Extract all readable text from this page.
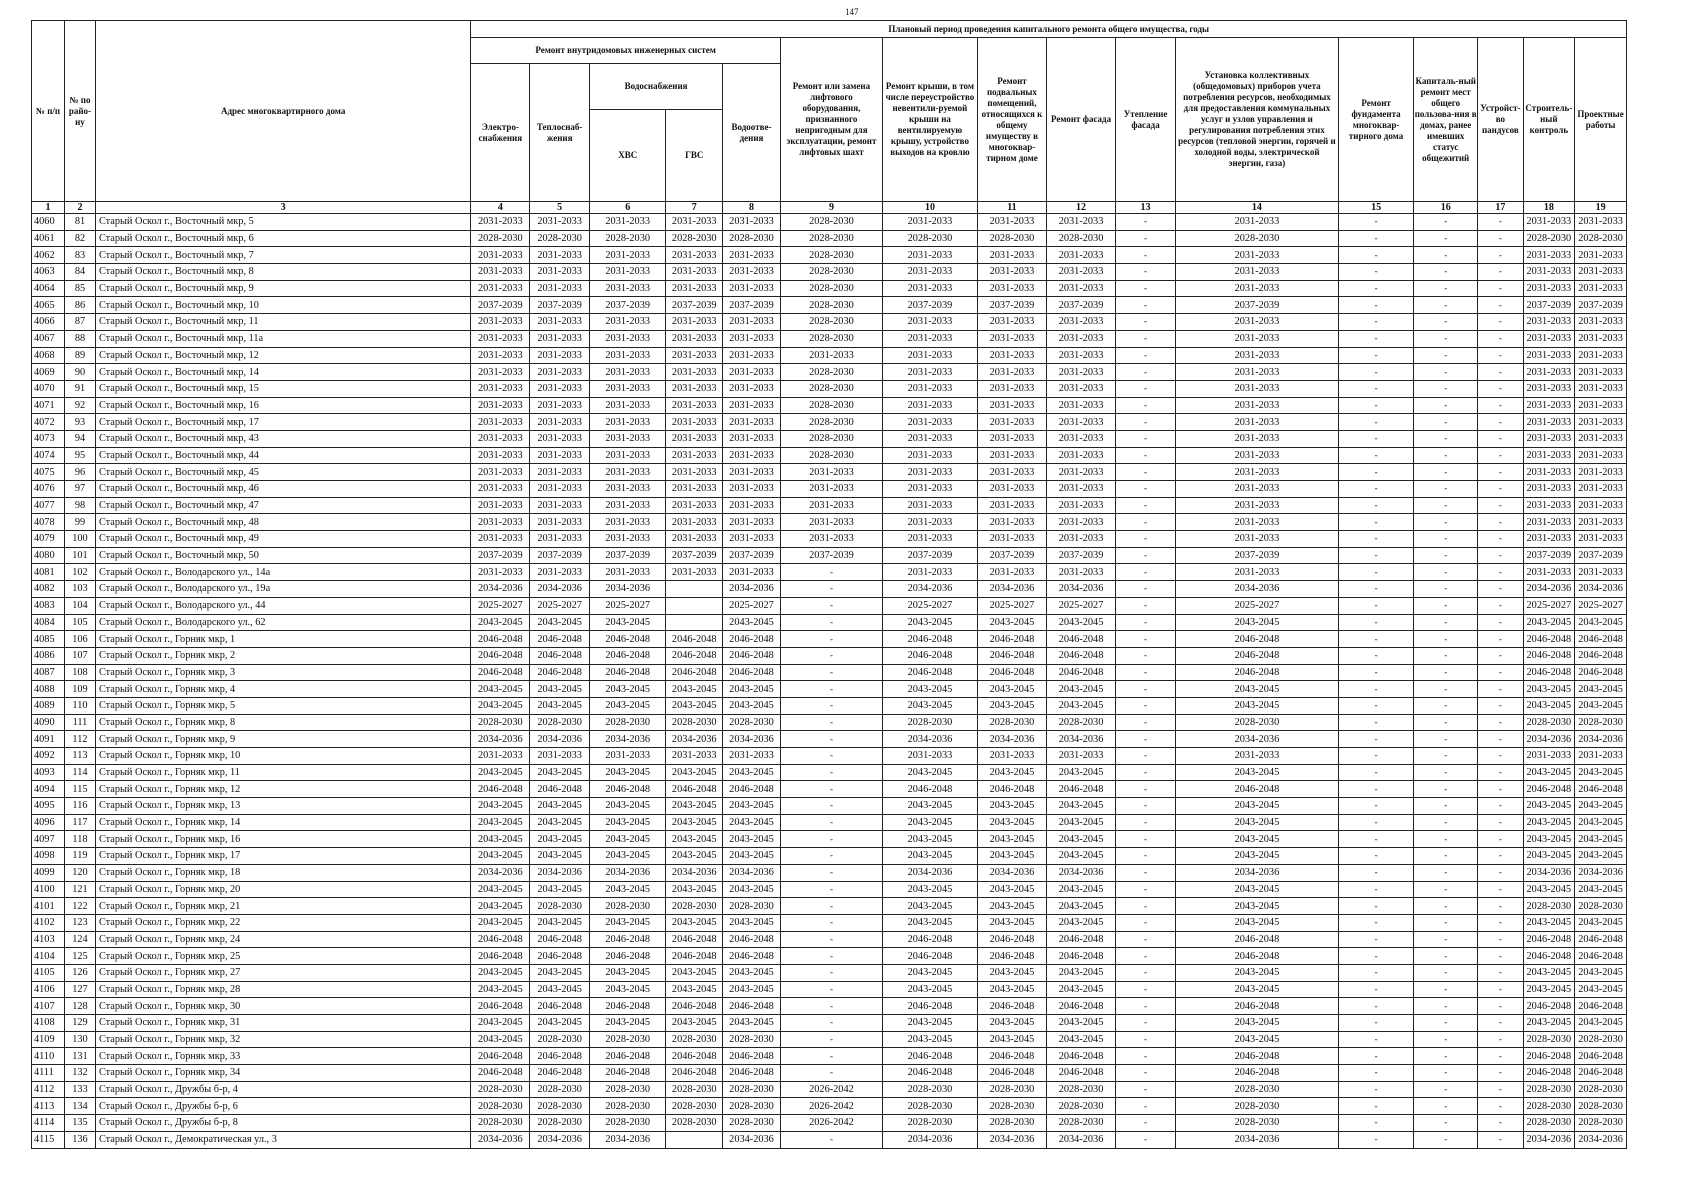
147
№ п/п	№ по райо-ну	Адрес многоквартирного дома	Плановый период проведения капитального ремонта общего имущества, годы															
			Ремонт внутридомовых инженерных систем					Ремонт или замена лифтового оборудования, признанного непригодным для эксплуатации, ремонт лифтовых шахт	Ремонт крыши, в том числе переустройство невентили-руемой крыши на вентилируемую крышу, устройство выходов на кровлю	Ремонт подвальных помещений, относящихся к общему имуществу в многоквар-тирном доме	Ремонт фасада	Утепление фасада	Установка коллективных (общедомовых) приборов учета потребления ресурсов, необходимых для предоставления коммунальных услуг и узлов управления и регулирования потребления этих ресурсов (тепловой энергии, горячей и холодной воды, электрической энергии, газа)	Ремонт фундамента многоквар-тирного дома	Капиталь-ный ремонт мест общего пользова-ния в домах, ранее имевших статус общежитий	Устройст-во пандусов	Строитель-ный контроль	Проектные работы
			Электро-снабжения	Теплоснаб-жения	Водоснабжения		Водоотве-дения											
					ХВС	ГВС												
1	2	3	4	5	6	7	8	9	10	11	12	13	14	15	16	17	18	19
4060	81	Старый Оскол г., Восточный мкр, 5	2031-2033	2031-2033	2031-2033	2031-2033	2031-2033	2028-2030	2031-2033	2031-2033	2031-2033	-	2031-2033	-	-	-	2031-2033	2031-2033
4061	82	Старый Оскол г., Восточный мкр, 6	2028-2030	2028-2030	2028-2030	2028-2030	2028-2030	2028-2030	2028-2030	2028-2030	2028-2030	-	2028-2030	-	-	-	2028-2030	2028-2030
4062	83	Старый Оскол г., Восточный мкр, 7	2031-2033	2031-2033	2031-2033	2031-2033	2031-2033	2028-2030	2031-2033	2031-2033	2031-2033	-	2031-2033	-	-	-	2031-2033	2031-2033
4063	84	Старый Оскол г., Восточный мкр, 8	2031-2033	2031-2033	2031-2033	2031-2033	2031-2033	2028-2030	2031-2033	2031-2033	2031-2033	-	2031-2033	-	-	-	2031-2033	2031-2033
4064	85	Старый Оскол г., Восточный мкр, 9	2031-2033	2031-2033	2031-2033	2031-2033	2031-2033	2028-2030	2031-2033	2031-2033	2031-2033	-	2031-2033	-	-	-	2031-2033	2031-2033
4065	86	Старый Оскол г., Восточный мкр, 10	2037-2039	2037-2039	2037-2039	2037-2039	2037-2039	2028-2030	2037-2039	2037-2039	2037-2039	-	2037-2039	-	-	-	2037-2039	2037-2039
4066	87	Старый Оскол г., Восточный мкр, 11	2031-2033	2031-2033	2031-2033	2031-2033	2031-2033	2028-2030	2031-2033	2031-2033	2031-2033	-	2031-2033	-	-	-	2031-2033	2031-2033
4067	88	Старый Оскол г., Восточный мкр, 11а	2031-2033	2031-2033	2031-2033	2031-2033	2031-2033	2028-2030	2031-2033	2031-2033	2031-2033	-	2031-2033	-	-	-	2031-2033	2031-2033
4068	89	Старый Оскол г., Восточный мкр, 12	2031-2033	2031-2033	2031-2033	2031-2033	2031-2033	2031-2033	2031-2033	2031-2033	2031-2033	-	2031-2033	-	-	-	2031-2033	2031-2033
4069	90	Старый Оскол г., Восточный мкр, 14	2031-2033	2031-2033	2031-2033	2031-2033	2031-2033	2028-2030	2031-2033	2031-2033	2031-2033	-	2031-2033	-	-	-	2031-2033	2031-2033
4070	91	Старый Оскол г., Восточный мкр, 15	2031-2033	2031-2033	2031-2033	2031-2033	2031-2033	2028-2030	2031-2033	2031-2033	2031-2033	-	2031-2033	-	-	-	2031-2033	2031-2033
4071	92	Старый Оскол г., Восточный мкр, 16	2031-2033	2031-2033	2031-2033	2031-2033	2031-2033	2028-2030	2031-2033	2031-2033	2031-2033	-	2031-2033	-	-	-	2031-2033	2031-2033
4072	93	Старый Оскол г., Восточный мкр, 17	2031-2033	2031-2033	2031-2033	2031-2033	2031-2033	2028-2030	2031-2033	2031-2033	2031-2033	-	2031-2033	-	-	-	2031-2033	2031-2033
4073	94	Старый Оскол г., Восточный мкр, 43	2031-2033	2031-2033	2031-2033	2031-2033	2031-2033	2028-2030	2031-2033	2031-2033	2031-2033	-	2031-2033	-	-	-	2031-2033	2031-2033
4074	95	Старый Оскол г., Восточный мкр, 44	2031-2033	2031-2033	2031-2033	2031-2033	2031-2033	2028-2030	2031-2033	2031-2033	2031-2033	-	2031-2033	-	-	-	2031-2033	2031-2033
4075	96	Старый Оскол г., Восточный мкр, 45	2031-2033	2031-2033	2031-2033	2031-2033	2031-2033	2031-2033	2031-2033	2031-2033	2031-2033	-	2031-2033	-	-	-	2031-2033	2031-2033
4076	97	Старый Оскол г., Восточный мкр, 46	2031-2033	2031-2033	2031-2033	2031-2033	2031-2033	2031-2033	2031-2033	2031-2033	2031-2033	-	2031-2033	-	-	-	2031-2033	2031-2033
4077	98	Старый Оскол г., Восточный мкр, 47	2031-2033	2031-2033	2031-2033	2031-2033	2031-2033	2031-2033	2031-2033	2031-2033	2031-2033	-	2031-2033	-	-	-	2031-2033	2031-2033
4078	99	Старый Оскол г., Восточный мкр, 48	2031-2033	2031-2033	2031-2033	2031-2033	2031-2033	2031-2033	2031-2033	2031-2033	2031-2033	-	2031-2033	-	-	-	2031-2033	2031-2033
4079	100	Старый Оскол г., Восточный мкр, 49	2031-2033	2031-2033	2031-2033	2031-2033	2031-2033	2031-2033	2031-2033	2031-2033	2031-2033	-	2031-2033	-	-	-	2031-2033	2031-2033
4080	101	Старый Оскол г., Восточный мкр, 50	2037-2039	2037-2039	2037-2039	2037-2039	2037-2039	2037-2039	2037-2039	2037-2039	2037-2039	-	2037-2039	-	-	-	2037-2039	2037-2039
4081	102	Старый Оскол г., Володарского ул., 14а	2031-2033	2031-2033	2031-2033	2031-2033	2031-2033	-	2031-2033	2031-2033	2031-2033	-	2031-2033	-	-	-	2031-2033	2031-2033
4082	103	Старый Оскол г., Володарского ул., 19а	2034-2036	2034-2036	2034-2036		2034-2036	-	2034-2036	2034-2036	2034-2036	-	2034-2036	-	-	-	2034-2036	2034-2036
4083	104	Старый Оскол г., Володарского ул., 44	2025-2027	2025-2027	2025-2027		2025-2027	-	2025-2027	2025-2027	2025-2027	-	2025-2027	-	-	-	2025-2027	2025-2027
4084	105	Старый Оскол г., Володарского ул., 62	2043-2045	2043-2045	2043-2045		2043-2045	-	2043-2045	2043-2045	2043-2045	-	2043-2045	-	-	-	2043-2045	2043-2045
4085	106	Старый Оскол г., Горняк мкр, 1	2046-2048	2046-2048	2046-2048	2046-2048	2046-2048	-	2046-2048	2046-2048	2046-2048	-	2046-2048	-	-	-	2046-2048	2046-2048
4086	107	Старый Оскол г., Горняк мкр, 2	2046-2048	2046-2048	2046-2048	2046-2048	2046-2048	-	2046-2048	2046-2048	2046-2048	-	2046-2048	-	-	-	2046-2048	2046-2048
4087	108	Старый Оскол г., Горняк мкр, 3	2046-2048	2046-2048	2046-2048	2046-2048	2046-2048	-	2046-2048	2046-2048	2046-2048	-	2046-2048	-	-	-	2046-2048	2046-2048
4088	109	Старый Оскол г., Горняк мкр, 4	2043-2045	2043-2045	2043-2045	2043-2045	2043-2045	-	2043-2045	2043-2045	2043-2045	-	2043-2045	-	-	-	2043-2045	2043-2045
4089	110	Старый Оскол г., Горняк мкр, 5	2043-2045	2043-2045	2043-2045	2043-2045	2043-2045	-	2043-2045	2043-2045	2043-2045	-	2043-2045	-	-	-	2043-2045	2043-2045
4090	111	Старый Оскол г., Горняк мкр, 8	2028-2030	2028-2030	2028-2030	2028-2030	2028-2030	-	2028-2030	2028-2030	2028-2030	-	2028-2030	-	-	-	2028-2030	2028-2030
4091	112	Старый Оскол г., Горняк мкр, 9	2034-2036	2034-2036	2034-2036	2034-2036	2034-2036	-	2034-2036	2034-2036	2034-2036	-	2034-2036	-	-	-	2034-2036	2034-2036
4092	113	Старый Оскол г., Горняк мкр, 10	2031-2033	2031-2033	2031-2033	2031-2033	2031-2033	-	2031-2033	2031-2033	2031-2033	-	2031-2033	-	-	-	2031-2033	2031-2033
4093	114	Старый Оскол г., Горняк мкр, 11	2043-2045	2043-2045	2043-2045	2043-2045	2043-2045	-	2043-2045	2043-2045	2043-2045	-	2043-2045	-	-	-	2043-2045	2043-2045
4094	115	Старый Оскол г., Горняк мкр, 12	2046-2048	2046-2048	2046-2048	2046-2048	2046-2048	-	2046-2048	2046-2048	2046-2048	-	2046-2048	-	-	-	2046-2048	2046-2048
4095	116	Старый Оскол г., Горняк мкр, 13	2043-2045	2043-2045	2043-2045	2043-2045	2043-2045	-	2043-2045	2043-2045	2043-2045	-	2043-2045	-	-	-	2043-2045	2043-2045
4096	117	Старый Оскол г., Горняк мкр, 14	2043-2045	2043-2045	2043-2045	2043-2045	2043-2045	-	2043-2045	2043-2045	2043-2045	-	2043-2045	-	-	-	2043-2045	2043-2045
4097	118	Старый Оскол г., Горняк мкр, 16	2043-2045	2043-2045	2043-2045	2043-2045	2043-2045	-	2043-2045	2043-2045	2043-2045	-	2043-2045	-	-	-	2043-2045	2043-2045
4098	119	Старый Оскол г., Горняк мкр, 17	2043-2045	2043-2045	2043-2045	2043-2045	2043-2045	-	2043-2045	2043-2045	2043-2045	-	2043-2045	-	-	-	2043-2045	2043-2045
4099	120	Старый Оскол г., Горняк мкр, 18	2034-2036	2034-2036	2034-2036	2034-2036	2034-2036	-	2034-2036	2034-2036	2034-2036	-	2034-2036	-	-	-	2034-2036	2034-2036
4100	121	Старый Оскол г., Горняк мкр, 20	2043-2045	2043-2045	2043-2045	2043-2045	2043-2045	-	2043-2045	2043-2045	2043-2045	-	2043-2045	-	-	-	2043-2045	2043-2045
4101	122	Старый Оскол г., Горняк мкр, 21	2043-2045	2028-2030	2028-2030	2028-2030	2028-2030	-	2043-2045	2043-2045	2043-2045	-	2043-2045	-	-	-	2028-2030	2028-2030
4102	123	Старый Оскол г., Горняк мкр, 22	2043-2045	2043-2045	2043-2045	2043-2045	2043-2045	-	2043-2045	2043-2045	2043-2045	-	2043-2045	-	-	-	2043-2045	2043-2045
4103	124	Старый Оскол г., Горняк мкр, 24	2046-2048	2046-2048	2046-2048	2046-2048	2046-2048	-	2046-2048	2046-2048	2046-2048	-	2046-2048	-	-	-	2046-2048	2046-2048
4104	125	Старый Оскол г., Горняк мкр, 25	2046-2048	2046-2048	2046-2048	2046-2048	2046-2048	-	2046-2048	2046-2048	2046-2048	-	2046-2048	-	-	-	2046-2048	2046-2048
4105	126	Старый Оскол г., Горняк мкр, 27	2043-2045	2043-2045	2043-2045	2043-2045	2043-2045	-	2043-2045	2043-2045	2043-2045	-	2043-2045	-	-	-	2043-2045	2043-2045
4106	127	Старый Оскол г., Горняк мкр, 28	2043-2045	2043-2045	2043-2045	2043-2045	2043-2045	-	2043-2045	2043-2045	2043-2045	-	2043-2045	-	-	-	2043-2045	2043-2045
4107	128	Старый Оскол г., Горняк мкр, 30	2046-2048	2046-2048	2046-2048	2046-2048	2046-2048	-	2046-2048	2046-2048	2046-2048	-	2046-2048	-	-	-	2046-2048	2046-2048
4108	129	Старый Оскол г., Горняк мкр, 31	2043-2045	2043-2045	2043-2045	2043-2045	2043-2045	-	2043-2045	2043-2045	2043-2045	-	2043-2045	-	-	-	2043-2045	2043-2045
4109	130	Старый Оскол г., Горняк мкр, 32	2043-2045	2028-2030	2028-2030	2028-2030	2028-2030	-	2043-2045	2043-2045	2043-2045	-	2043-2045	-	-	-	2028-2030	2028-2030
4110	131	Старый Оскол г., Горняк мкр, 33	2046-2048	2046-2048	2046-2048	2046-2048	2046-2048	-	2046-2048	2046-2048	2046-2048	-	2046-2048	-	-	-	2046-2048	2046-2048
4111	132	Старый Оскол г., Горняк мкр, 34	2046-2048	2046-2048	2046-2048	2046-2048	2046-2048	-	2046-2048	2046-2048	2046-2048	-	2046-2048	-	-	-	2046-2048	2046-2048
4112	133	Старый Оскол г., Дружбы б-р, 4	2028-2030	2028-2030	2028-2030	2028-2030	2028-2030	2026-2042	2028-2030	2028-2030	2028-2030	-	2028-2030	-	-	-	2028-2030	2028-2030
4113	134	Старый Оскол г., Дружбы б-р, 6	2028-2030	2028-2030	2028-2030	2028-2030	2028-2030	2026-2042	2028-2030	2028-2030	2028-2030	-	2028-2030	-	-	-	2028-2030	2028-2030
4114	135	Старый Оскол г., Дружбы б-р, 8	2028-2030	2028-2030	2028-2030	2028-2030	2028-2030	2026-2042	2028-2030	2028-2030	2028-2030	-	2028-2030	-	-	-	2028-2030	2028-2030
4115	136	Старый Оскол г., Демократическая ул., 3	2034-2036	2034-2036	2034-2036		2034-2036	-	2034-2036	2034-2036	2034-2036	-	2034-2036	-	-	-	2034-2036	2034-2036
